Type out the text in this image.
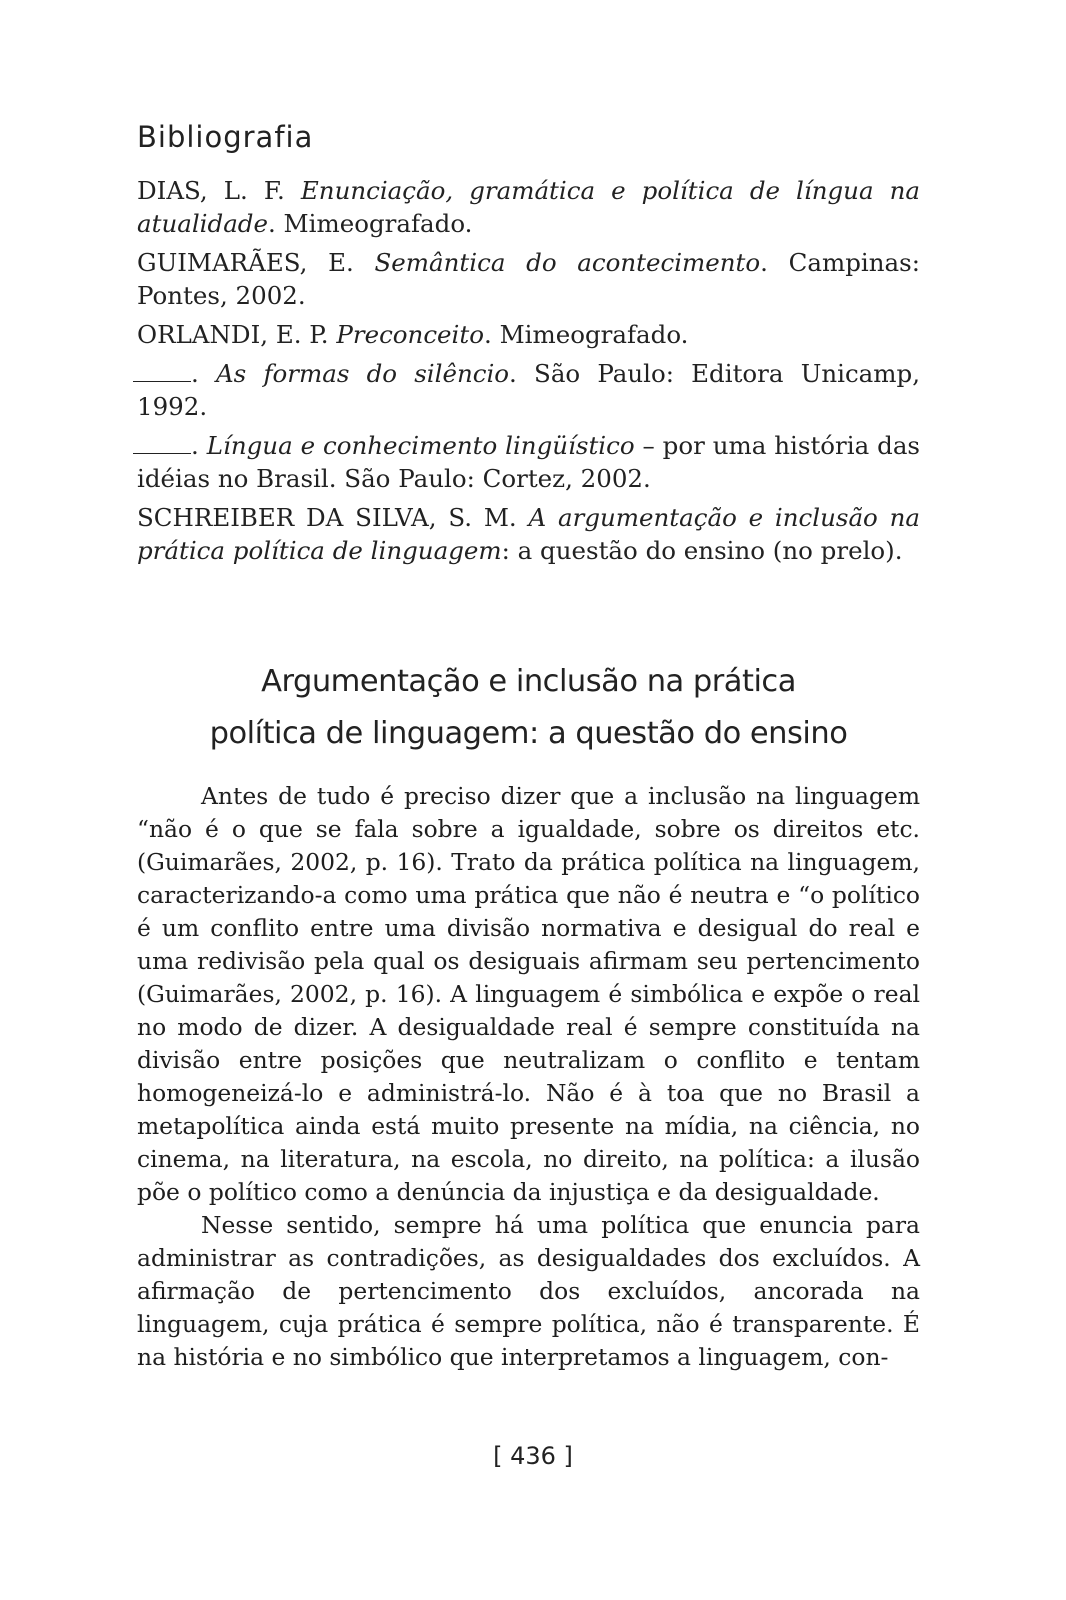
Bibliografia

DIAS, L. F. Enunciação, gramática e política de língua na atualidade. Mimeografado.

GUIMARÃES, E. Semântica do acontecimento. Campinas: Pontes, 2002.

ORLANDI, E. P. Preconceito. Mimeografado.

. As formas do silêncio. São Paulo: Editora Unicamp, 1992.

. Língua e conhecimento lingüístico – por uma história das idéias no Brasil. São Paulo: Cortez, 2002.

SCHREIBER DA SILVA, S. M. A argumentação e inclusão na prática política de linguagem: a questão do ensino (no prelo).

Argumentação e inclusão na prática
política de linguagem: a questão do ensino

Antes de tudo é preciso dizer que a inclusão na linguagem “não é o que se fala sobre a igualdade, sobre os direitos etc. (Guimarães, 2002, p. 16). Trato da prática política na linguagem, caracterizando-a como uma prática que não é neutra e “o político é um conflito entre uma divisão normativa e desigual do real e uma redivisão pela qual os desiguais afirmam seu pertencimento (Guimarães, 2002, p. 16). A linguagem é simbólica e expõe o real no modo de dizer. A desigualdade real é sempre constituída na divisão entre posições que neutralizam o conflito e tentam homogeneizá-lo e administrá-lo. Não é à toa que no Brasil a metapolítica ainda está muito presente na mídia, na ciência, no cinema, na literatura, na escola, no direito, na política: a ilusão põe o político como a denúncia da injustiça e da desigualdade.

Nesse sentido, sempre há uma política que enuncia para administrar as contradições, as desigualdades dos excluídos. A afirmação de pertencimento dos excluídos, ancorada na linguagem, cuja prática é sempre política, não é transparente. É na história e no simbólico que interpretamos a linguagem, con-

[ 436 ]
